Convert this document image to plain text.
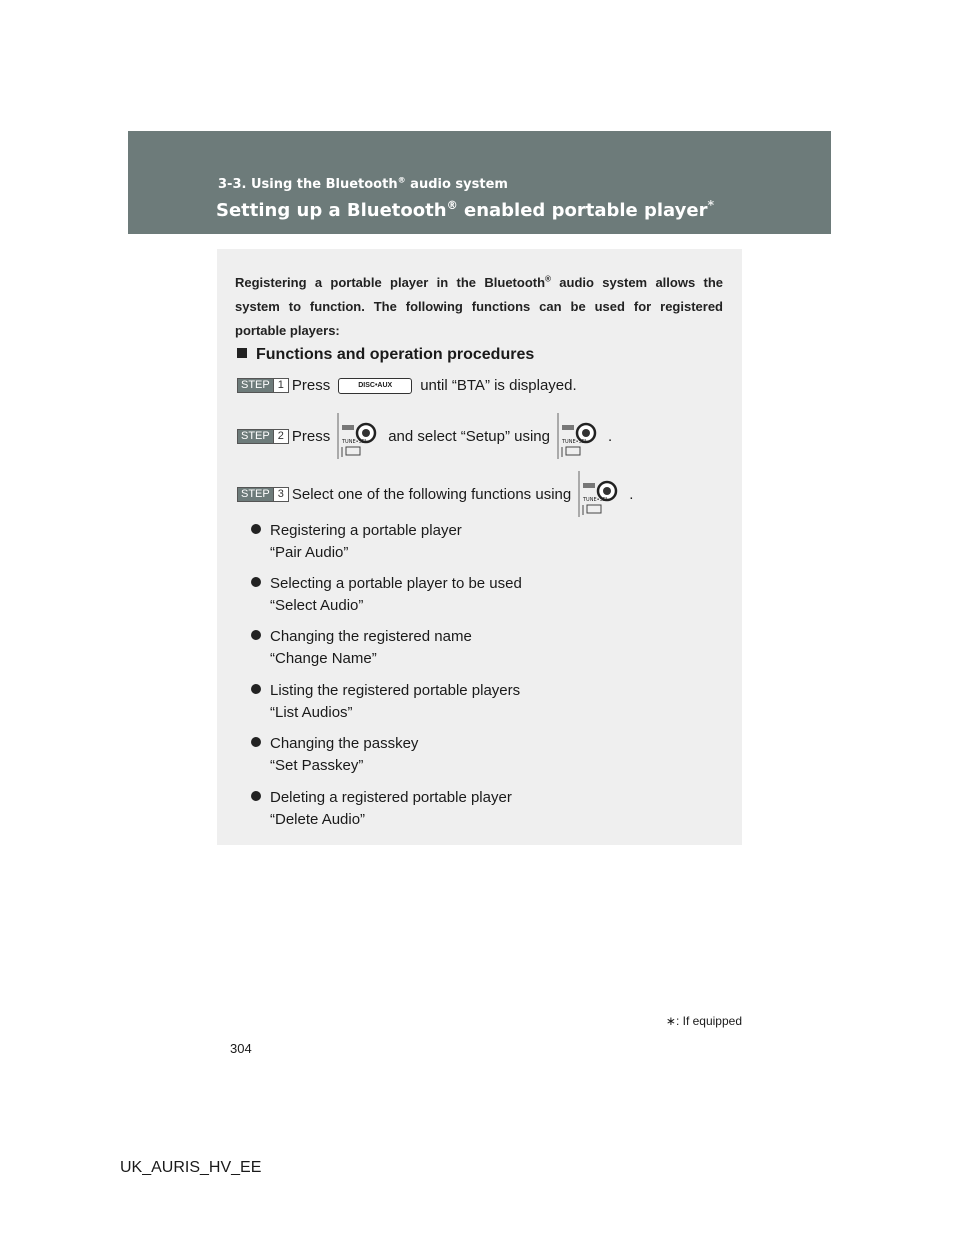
3-3. Using the Bluetooth® audio system
Setting up a Bluetooth® enabled portable player*

Registering a portable player in the Bluetooth® audio system allows the system to function. The following functions can be used for registered portable players:

Functions and operation procedures
STEP 1 Press	DISC•AUX	until “BTA” is displayed.
STEP 2 Press TUNE•SEL and select “Setup” using TUNE•SEL .
STEP 3 Select one of the following functions using TUNE•SEL .
Registering a portable player
“Pair Audio”
Selecting a portable player to be used
“Select Audio”
Changing the registered name
“Change Name”
Listing the registered portable players
“List Audios”
Changing the passkey
“Set Passkey”
Deleting a registered portable player
“Delete Audio”
∗: If equipped
304
UK_AURIS_HV_EE
